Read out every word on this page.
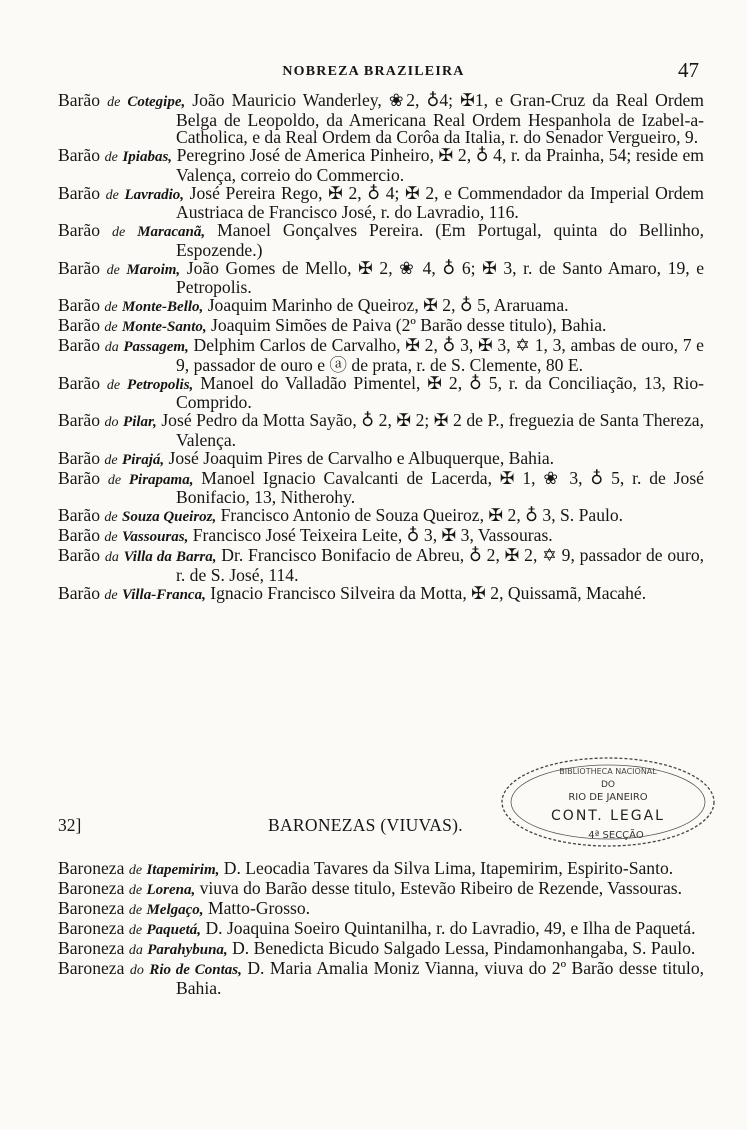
NOBREZA BRAZILEIRA	47
Barão de Cotegipe, João Mauricio Wanderley, ❀2, ♁4; ✠1, e Gran-Cruz da Real Ordem Belga de Leopoldo, da Americana Real Ordem Hespanhola de Izabel-a-Catholica, e da Real Ordem da Corôa da Italia, r. do Senador Vergueiro, 9.
Barão de Ipiabas, Peregrino José de America Pinheiro, ✠ 2, ♁ 4, r. da Prainha, 54; reside em Valença, correio do Commercio.
Barão de Lavradio, José Pereira Rego, ✠ 2, ♁ 4; ✠ 2, e Commendador da Imperial Ordem Austriaca de Francisco José, r. do Lavradio, 116.
Barão de Maracanã, Manoel Gonçalves Pereira. (Em Portugal, quinta do Bellinho, Espozende.)
Barão de Maroim, João Gomes de Mello, ✠ 2, ❀ 4, ♁ 6; ✠ 3, r. de Santo Amaro, 19, e Petropolis.
Barão de Monte-Bello, Joaquim Marinho de Queiroz, ✠ 2, ♁ 5, Araruama.
Barão de Monte-Santo, Joaquim Simões de Paiva (2º Barão desse titulo), Bahia.
Barão da Passagem, Delphim Carlos de Carvalho, ✠ 2, ♁ 3, ✠ 3, ✡ 1, 3, ambas de ouro, 7 e 9, passador de ouro e ⓐ de prata, r. de S. Clemente, 80 E.
Barão de Petropolis, Manoel do Valladão Pimentel, ✠ 2, ♁ 5, r. da Conciliação, 13, Rio-Comprido.
Barão do Pilar, José Pedro da Motta Sayão, ♁ 2, ✠ 2; ✠ 2 de P., freguezia de Santa Thereza, Valença.
Barão de Pirajá, José Joaquim Pires de Carvalho e Albuquerque, Bahia.
Barão de Pirapama, Manoel Ignacio Cavalcanti de Lacerda, ✠ 1, ❀ 3, ♁ 5, r. de José Bonifacio, 13, Nitherohy.
Barão de Souza Queiroz, Francisco Antonio de Souza Queiroz, ✠ 2, ♁ 3, S. Paulo.
Barão de Vassouras, Francisco José Teixeira Leite, ♁ 3, ✠ 3, Vassouras.
Barão da Villa da Barra, Dr. Francisco Bonifacio de Abreu, ♁ 2, ✠ 2, ✡ 9, passador de ouro, r. de S. José, 114.
Barão de Villa-Franca, Ignacio Francisco Silveira da Motta, ✠ 2, Quissamã, Macahé.
32]	BARONEZAS (VIUVAS).
Baroneza de Itapemirim, D. Leocadia Tavares da Silva Lima, Itapemirim, Espirito-Santo.
Baroneza de Lorena, viuva do Barão desse titulo, Estevão Ribeiro de Rezende, Vassouras.
Baroneza de Melgaço, Matto-Grosso.
Baroneza de Paquetá, D. Joaquina Soeiro Quintanilha, r. do Lavradio, 49, e Ilha de Paquetá.
Baroneza da Parahybuna, D. Benedicta Bicudo Salgado Lessa, Pindamonhangaba, S. Paulo.
Baroneza do Rio de Contas, D. Maria Amalia Moniz Vianna, viuva do 2º Barão desse titulo, Bahia.
BIBLIOTHECA NACIONAL
DO
RIO DE JANEIRO
CONT. LEGAL
4ª SECÇÃO
